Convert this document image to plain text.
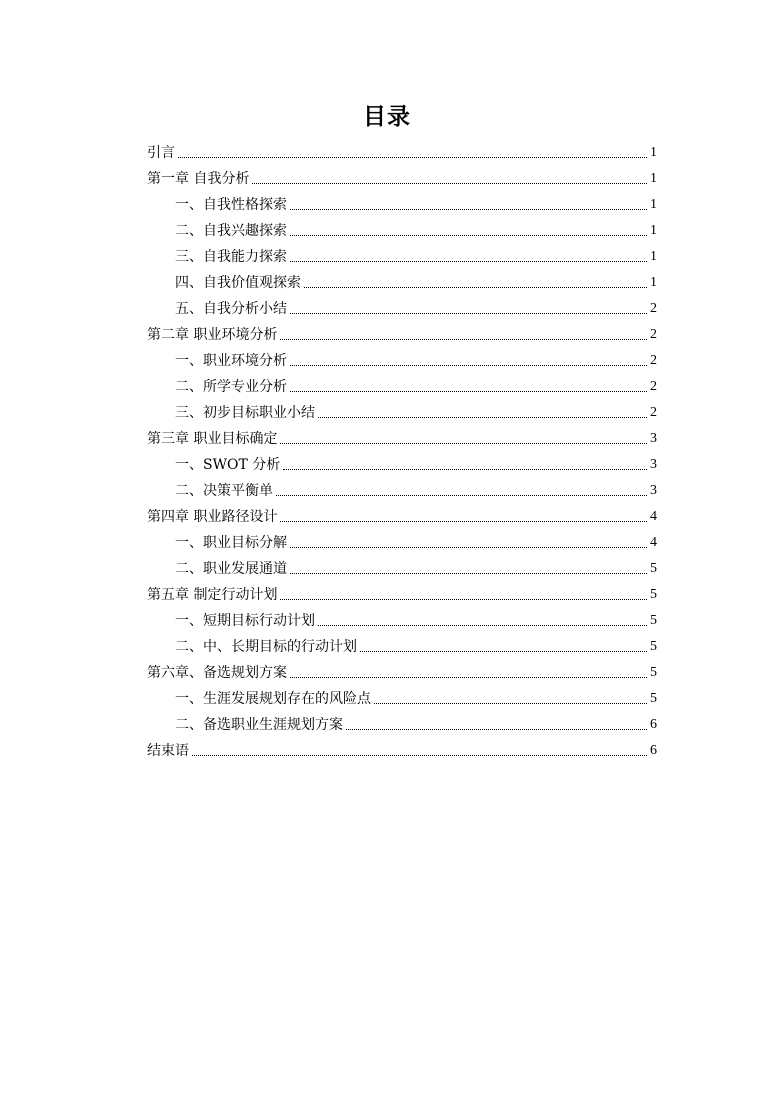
目录
引言	1
第一章 自我分析	1
一、自我性格探索	1
二、自我兴趣探索	1
三、自我能力探索	1
四、自我价值观探索	1
五、自我分析小结	2
第二章 职业环境分析	2
一、职业环境分析	2
二、所学专业分析	2
三、初步目标职业小结	2
第三章 职业目标确定	3
一、SWOT 分析	3
二、决策平衡单	3
第四章 职业路径设计	4
一、职业目标分解	4
二、职业发展通道	5
第五章 制定行动计划	5
一、短期目标行动计划	5
二、中、长期目标的行动计划	5
第六章、备选规划方案	5
一、生涯发展规划存在的风险点	5
二、备选职业生涯规划方案	6
结束语	6
